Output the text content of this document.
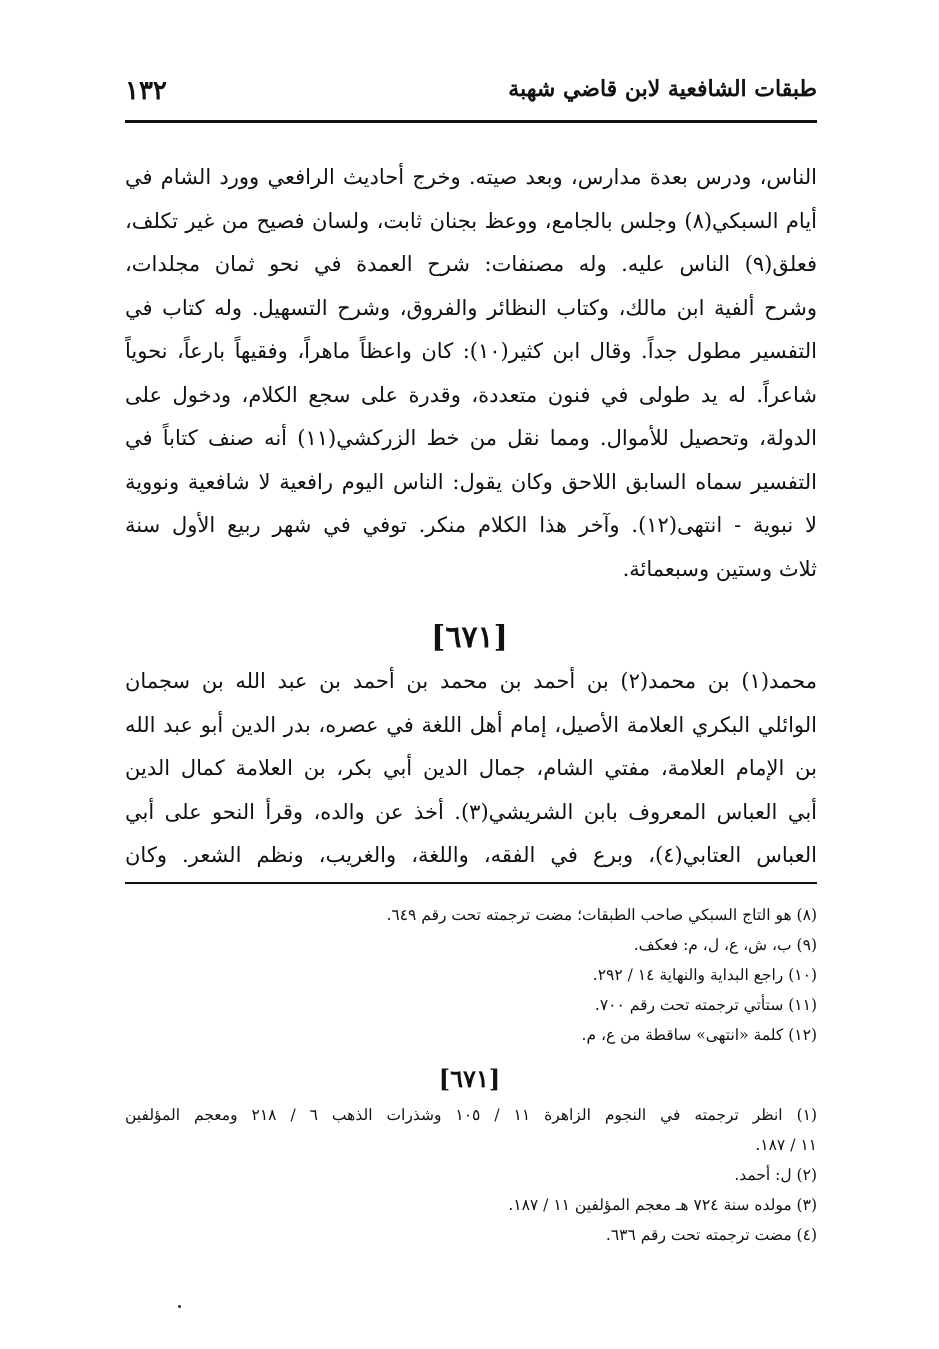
١٣٢	طبقات الشافعية لابن قاضي شهبة
الناس، ودرس بعدة مدارس، وبعد صيته. وخرج أحاديث الرافعي وورد الشام في
أيام السبكي(٨) وجلس بالجامع، ووعظ بجنان ثابت، ولسان فصيح من غير تكلف،
فعلق(٩) الناس عليه. وله مصنفات: شرح العمدة في نحو ثمان مجلدات،
وشرح ألفية ابن مالك، وكتاب النظائر والفروق، وشرح التسهيل. وله كتاب في
التفسير مطول جداً. وقال ابن كثير(١٠): كان واعظاً ماهراً، وفقيهاً بارعاً، نحوياً
شاعراً. له يد طولى في فنون متعددة، وقدرة على سجع الكلام، ودخول على
الدولة، وتحصيل للأموال. ومما نقل من خط الزركشي(١١) أنه صنف كتاباً في
التفسير سماه السابق اللاحق وكان يقول: الناس اليوم رافعية لا شافعية ونووية
لا نبوية - انتهى(١٢). وآخر هذا الكلام منكر. توفي في شهر ربيع الأول سنة
ثلاث وستين وسبعمائة.
[٦٧١]
محمد(١) بن محمد(٢) بن أحمد بن محمد بن أحمد بن عبد الله بن سجمان
الوائلي البكري العلامة الأصيل، إمام أهل اللغة في عصره، بدر الدين أبو عبد الله
بن الإمام العلامة، مفتي الشام، جمال الدين أبي بكر، بن العلامة كمال الدين
أبي العباس المعروف بابن الشريشي(٣). أخذ عن والده، وقرأ النحو على أبي
العباس العتابي(٤)، وبرع في الفقه، واللغة، والغريب، ونظم الشعر. وكان
(٨) هو التاج السبكي صاحب الطبقات؛ مضت ترجمته تحت رقم ٦٤٩.
(٩) ب، ش، ع، ل، م: فعكف.
(١٠) راجع البداية والنهاية ١٤ / ٢٩٢.
(١١) ستأتي ترجمته تحت رقم ٧٠٠.
(١٢) كلمة «انتهى» ساقطة من ع، م.
[٦٧١]
(١) انظر ترجمته في النجوم الزاهرة ١١ / ١٠٥ وشذرات الذهب ٦ / ٢١٨ ومعجم المؤلفين
١١ / ١٨٧.
(٢) ل: أحمد.
(٣) مولده سنة ٧٢٤ هـ معجم المؤلفين ١١ / ١٨٧.
(٤) مضت ترجمته تحت رقم ٦٣٦.
